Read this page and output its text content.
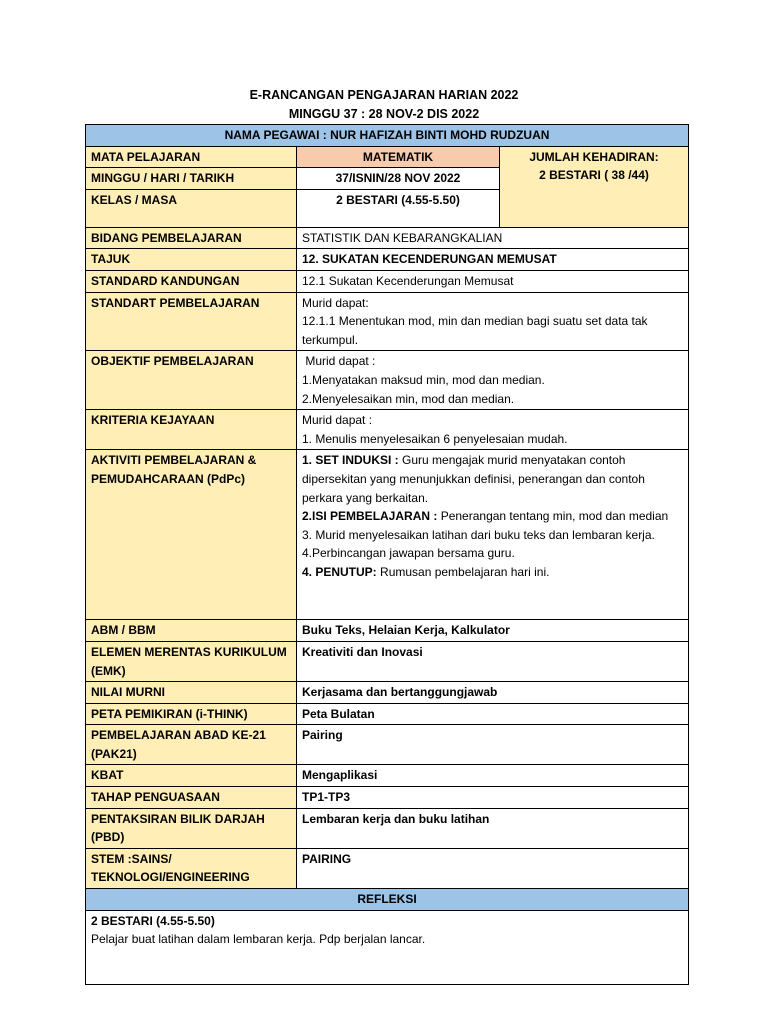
E-RANCANGAN PENGAJARAN HARIAN 2022
MINGGU 37 : 28 NOV-2 DIS 2022
NAMA PEGAWAI : NUR HAFIZAH BINTI MOHD RUDZUAN		
MATA PELAJARAN	MATEMATIK	JUMLAH KEHADIRAN:
2 BESTARI ( 38 /44)

MINGGU / HARI / TARIKH	37/ISNIN/28 NOV 2022	
KELAS / MASA	2 BESTARI (4.55-5.50)	
BIDANG PEMBELAJARAN	STATISTIK DAN KEBARANGKALIAN	
TAJUK	12. SUKATAN KECENDERUNGAN MEMUSAT	
STANDARD KANDUNGAN	12.1 Sukatan Kecenderungan Memusat	
STANDART PEMBELAJARAN	Murid dapat:
12.1.1 Menentukan mod, min dan median bagi suatu set data tak terkumpul.	

OBJEKTIF PEMBELAJARAN	Murid dapat :
1.Menyatakan maksud min, mod dan median.
2.Menyelesaikan min, mod dan median.	

KRITERIA KEJAYAAN	Murid dapat :
1. Menulis menyelesaikan 6 penyelesaian mudah.	

AKTIVITI PEMBELAJARAN & PEMUDAHCARAAN (PdPc)	1. SET INDUKSI : Guru mengajak murid menyatakan contoh dipersekitan yang menunjukkan definisi, penerangan dan contoh perkara yang berkaitan.
2.ISI PEMBELAJARAN : Penerangan tentang min, mod dan median
3. Murid menyelesaikan latihan dari buku teks dan lembaran kerja.
4.Perbincangan jawapan bersama guru.
4. PENUTUP: Rumusan pembelajaran hari ini.	

ABM / BBM	Buku Teks, Helaian Kerja, Kalkulator	
ELEMEN MERENTAS KURIKULUM (EMK)	Kreativiti dan Inovasi	
NILAI MURNI	Kerjasama dan bertanggungjawab	
PETA PEMIKIRAN (i-THINK)	Peta Bulatan	
PEMBELAJARAN ABAD KE-21 (PAK21)	Pairing	
KBAT	Mengaplikasi	
TAHAP PENGUASAAN	TP1-TP3	
PENTAKSIRAN BILIK DARJAH (PBD)	Lembaran kerja dan buku latihan	
STEM :SAINS/ TEKNOLOGI/ENGINEERING	PAIRING	
REFLEKSI		

2 BESTARI (4.55-5.50)
Pelajar buat latihan dalam lembaran kerja. Pdp berjalan lancar.		
